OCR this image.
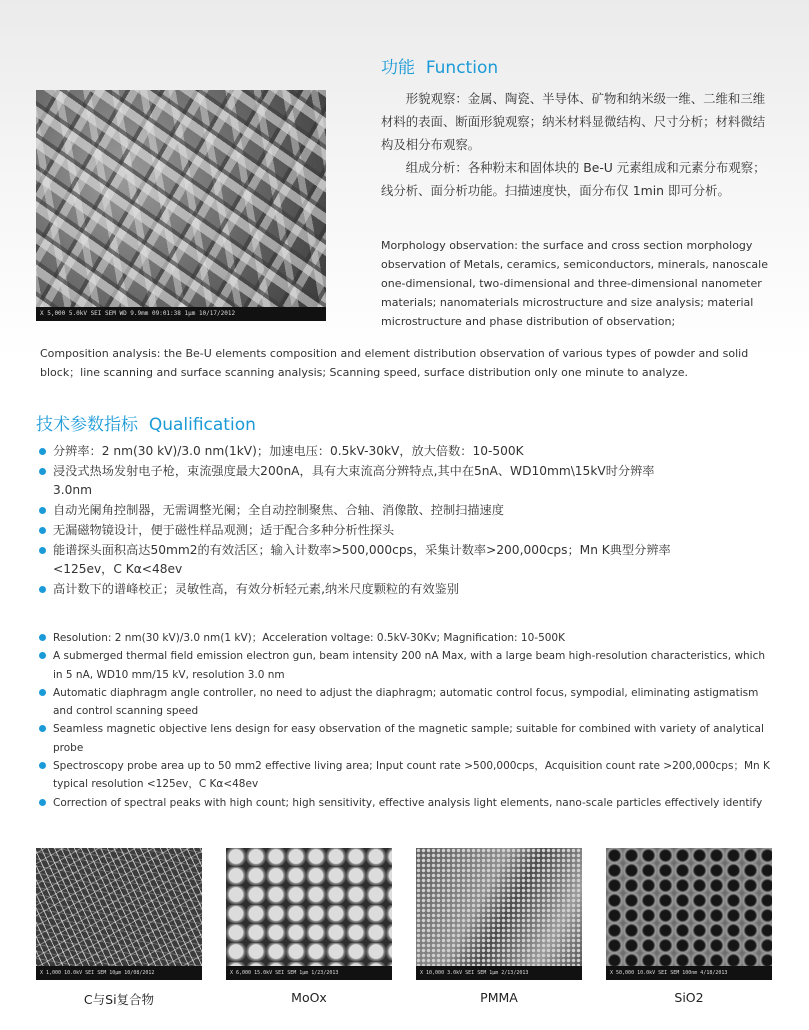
X 5,000 5.0kV SEI SEM WD 9.9mm 09:01:38 1μm 10/17/2012
功能 Function
形貌观察：金属、陶瓷、半导体、矿物和纳米级一维、二维和三维材料的表面、断面形貌观察；纳米材料显微结构、尺寸分析；材料微结构及相分布观察。
组成分析：各种粉末和固体块的 Be-U 元素组成和元素分布观察；线分析、面分析功能。扫描速度快，面分布仅 1min 即可分析。
Morphology observation: the surface and cross section morphology observation of Metals, ceramics, semiconductors, minerals, nanoscale one-dimensional, two-dimensional and three-dimensional nanometer materials; nanomaterials microstructure and size analysis; material microstructure and phase distribution of observation;
Composition analysis: the Be-U elements composition and element distribution observation of various types of powder and solid block；line scanning and surface scanning analysis; Scanning speed, surface distribution only one minute to analyze.
技术参数指标 Qualification
分辨率：2 nm(30 kV)/3.0 nm(1kV)；加速电压：0.5kV-30kV，放大倍数：10-500K
浸没式热场发射电子枪，束流强度最大200nA，具有大束流高分辨特点,其中在5nA、WD10mm\15kV时分辨率3.0nm
自动光阑角控制器，无需调整光阑；全自动控制聚焦、合轴、消像散、控制扫描速度
无漏磁物镜设计，便于磁性样品观测；适于配合多种分析性探头
能谱探头面积高达50mm2的有效活区；输入计数率>500,000cps，采集计数率>200,000cps；Mn K典型分辨率<125ev，C Kα<48ev
高计数下的谱峰校正；灵敏性高，有效分析轻元素,纳米尺度颗粒的有效鉴别
Resolution: 2 nm(30 kV)/3.0 nm(1 kV)；Acceleration voltage: 0.5kV-30Kv; Magnification: 10-500K
A submerged thermal field emission electron gun, beam intensity 200 nA Max, with a large beam high-resolution characteristics, which in 5 nA, WD10 mm/15 kV, resolution 3.0 nm
Automatic diaphragm angle controller, no need to adjust the diaphragm; automatic control focus, sympodial, eliminating astigmatism and control scanning speed
Seamless magnetic objective lens design for easy observation of the magnetic sample; suitable for combined with variety of analytical probe
Spectroscopy probe area up to 50 mm2 effective living area; Input count rate >500,000cps，Acquisition count rate >200,000cps；Mn K typical resolution <125ev，C Kα<48ev
Correction of spectral peaks with high count; high sensitivity, effective analysis light elements, nano-scale particles effectively identify
X 1,000 10.0kV SEI SEM 10μm 10/08/2012
C与Si复合物
X 6,000 15.0kV SEI SEM 1μm 1/23/2013
MoOx
X 10,000 3.0kV SEI SEM 1μm 2/13/2013
PMMA
X 50,000 10.0kV SEI SEM 100nm 4/18/2013
SiO2
